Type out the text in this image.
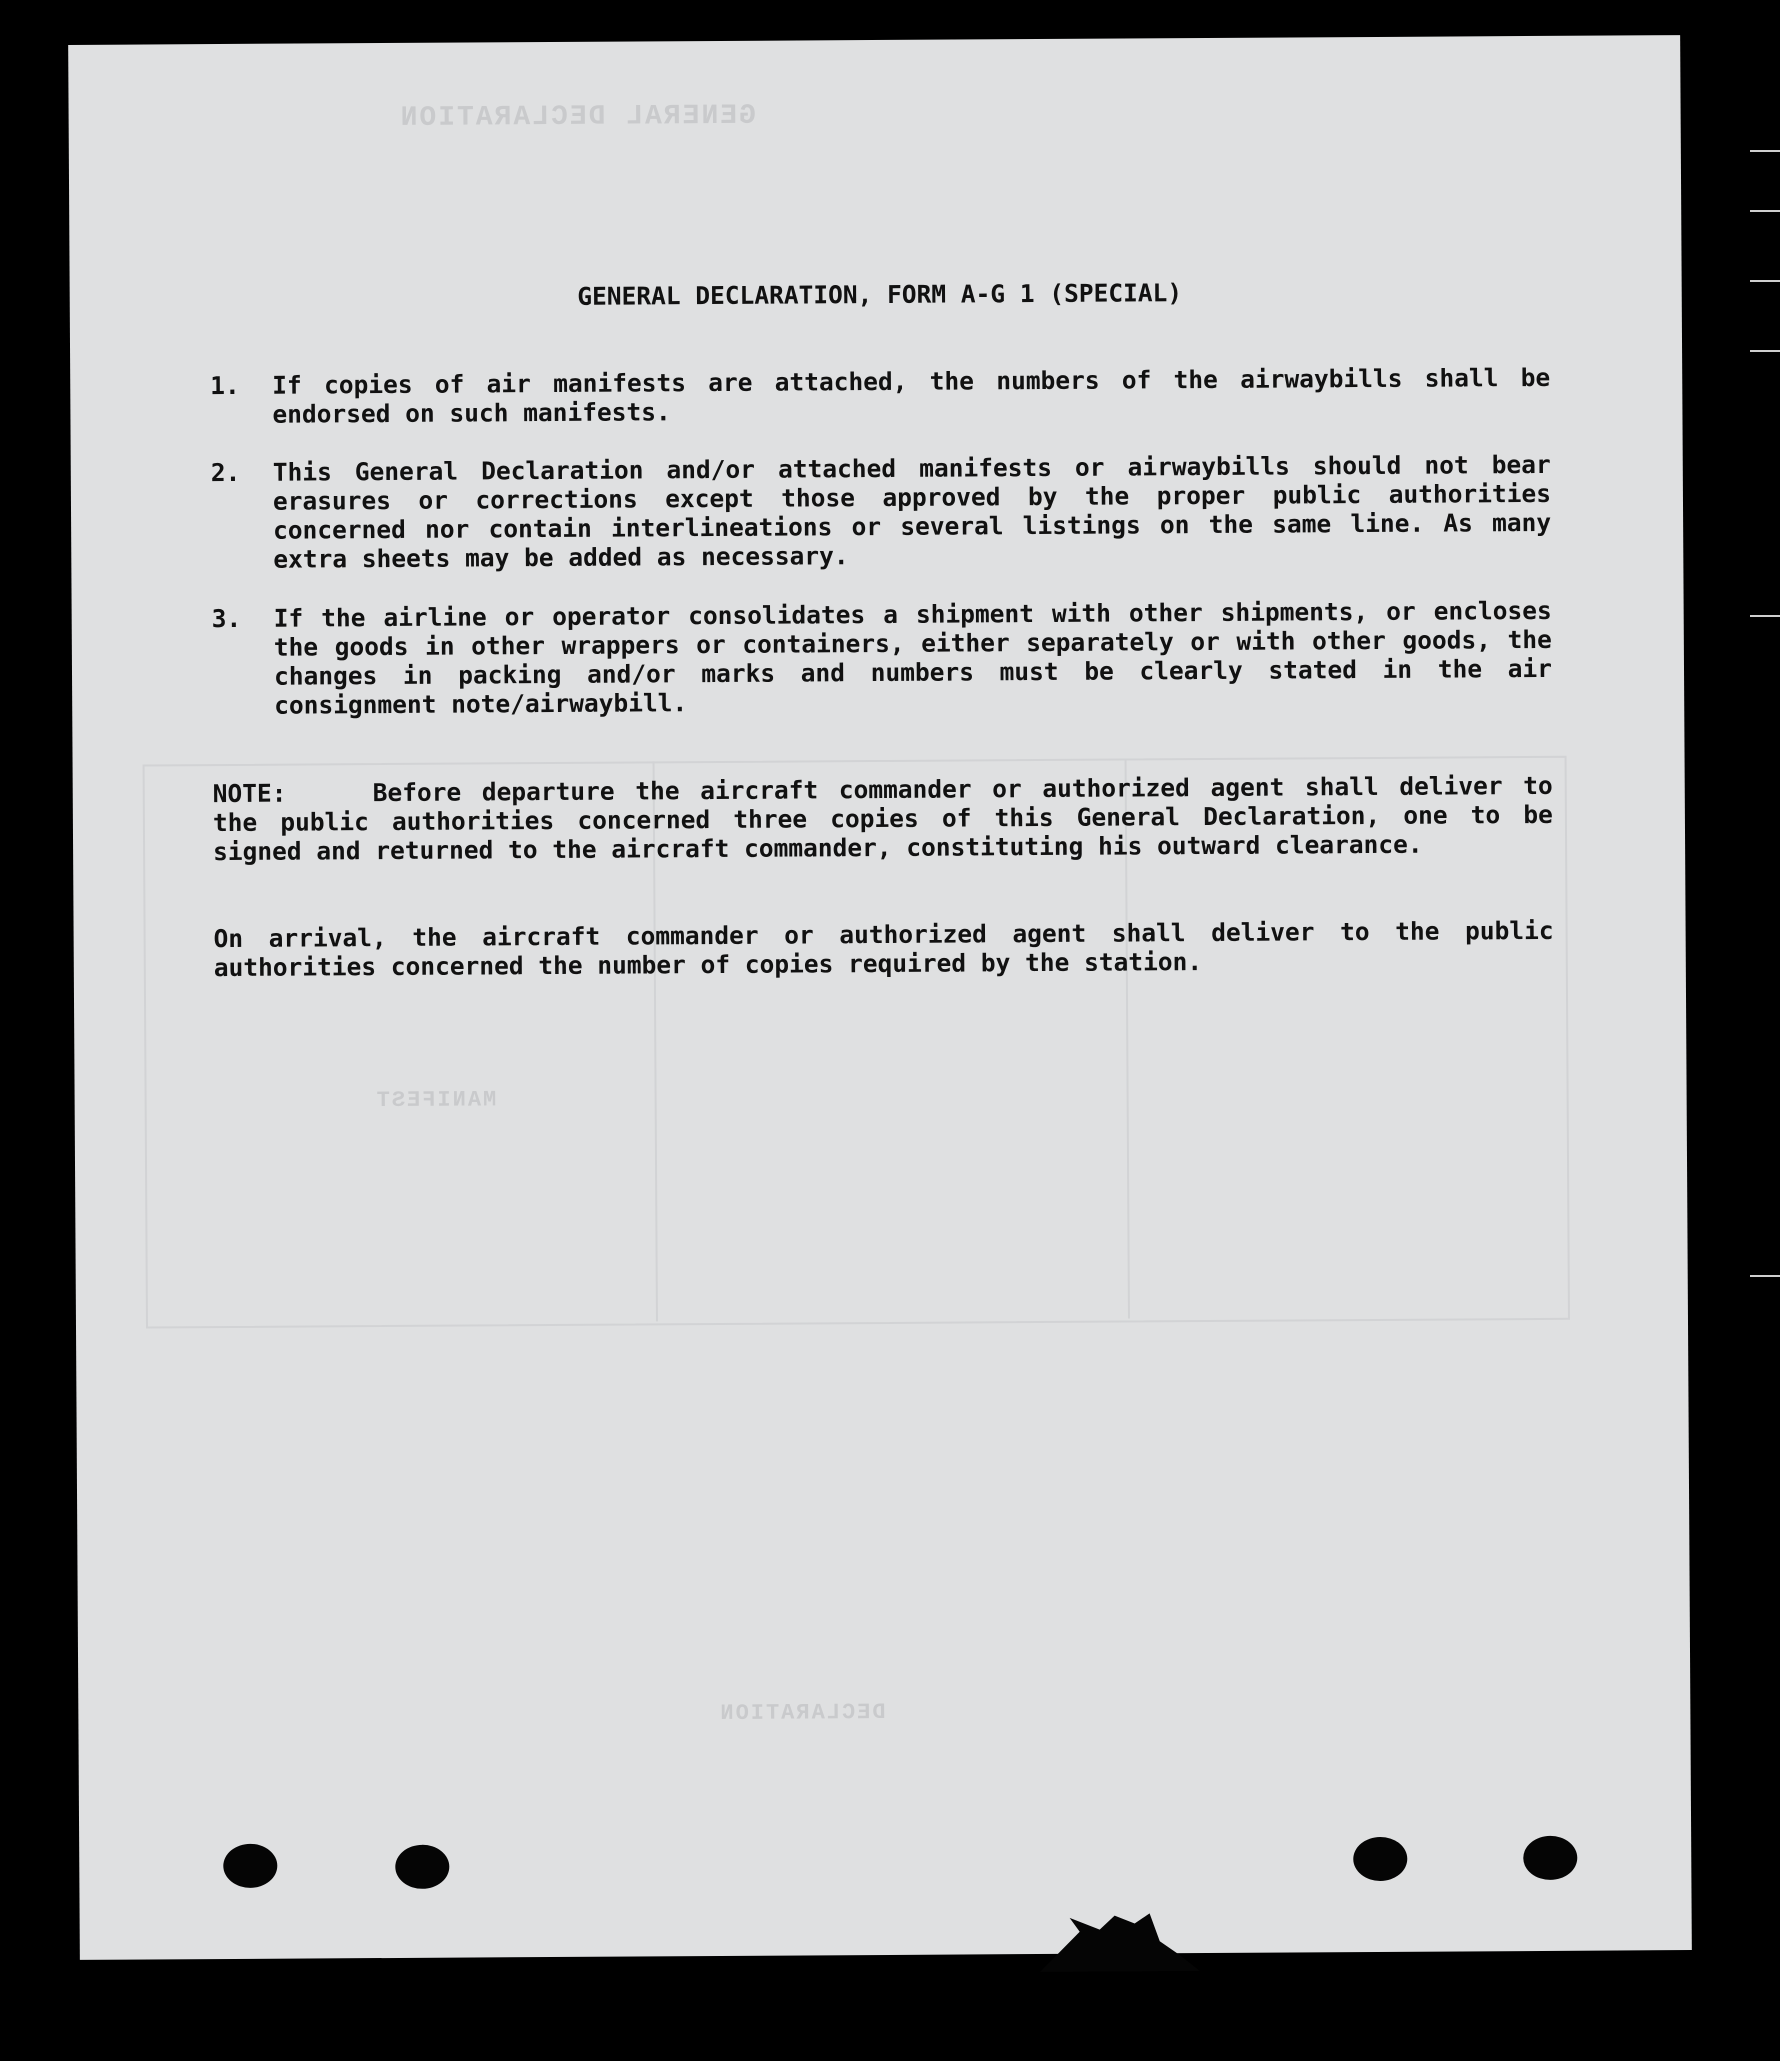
GENERAL DECLARATION
MANIFEST
DECLARATION
GENERAL DECLARATION, FORM A-G 1 (SPECIAL)
1.	If copies of air manifests are attached, the numbers of the airwaybills shall be endorsed on such manifests.
2.	This General Declaration and/or attached manifests or airwaybills should not bear erasures or corrections except those approved by the proper public authorities concerned nor contain interlineations or several listings on the same line. As many extra sheets may be added as necessary.
3.	If the airline or operator consolidates a shipment with other shipments, or encloses the goods in other wrappers or containers, either separately or with other goods, the changes in packing and/or marks and numbers must be clearly stated in the air consignment note/airwaybill.
NOTE:	Before departure the aircraft commander or authorized agent shall deliver to the public authorities concerned three copies of this General Declaration, one to be signed and returned to the aircraft commander, constituting his outward clearance.
On arrival, the aircraft commander or authorized agent shall deliver to the public authorities concerned the number of copies required by the station.
